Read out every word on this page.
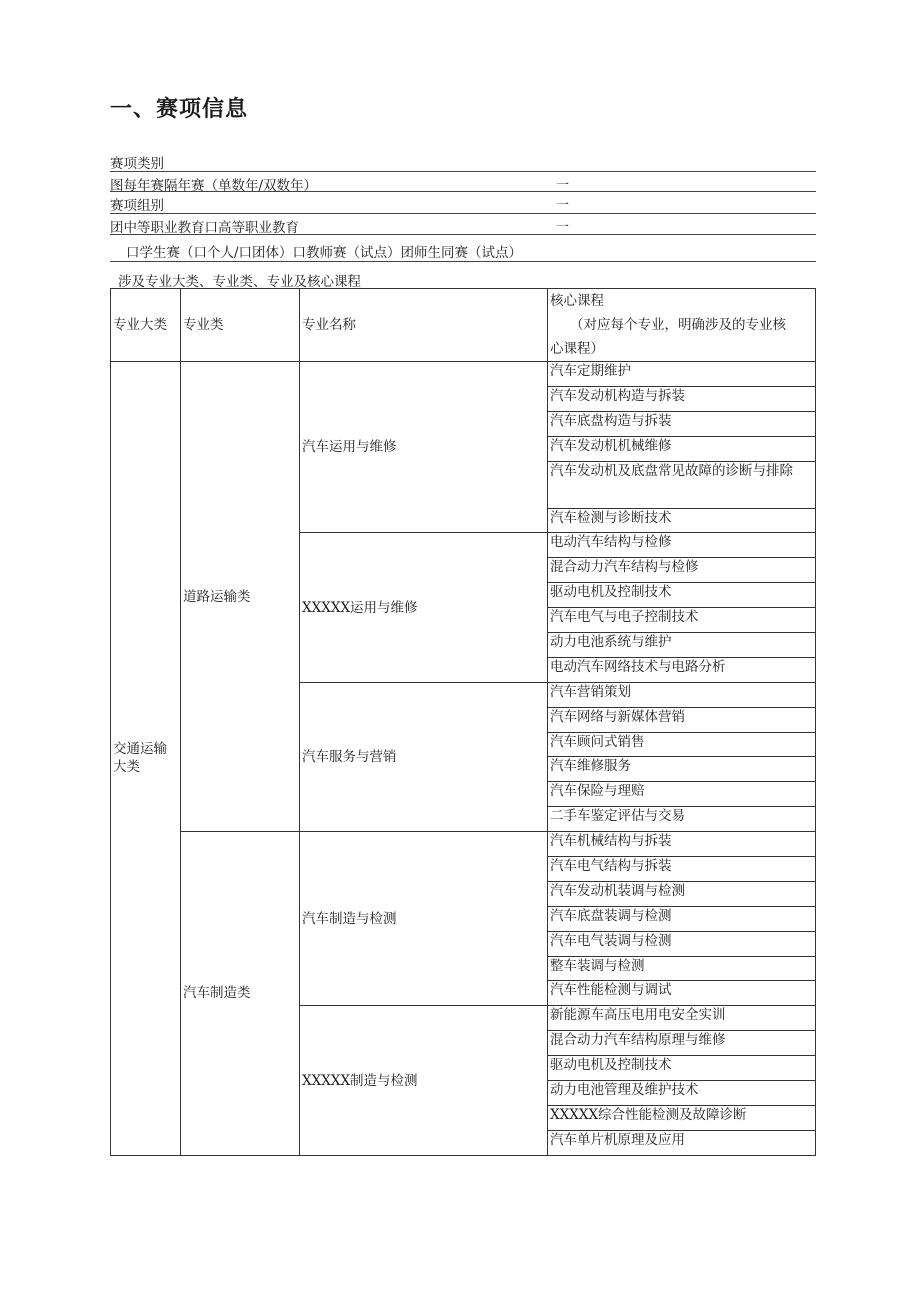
一、赛项信息
赛项类别
图每年赛隔年赛（单数年/双数年）	一
赛项组别	一
团中等职业教育口高等职业教育	一
口学生赛（口个人/口团体）口教师赛（试点）团师生同赛（试点）
涉及专业大类、专业类、专业及核心课程
专业大类	专业类	专业名称	核心课程
（对应每个专业，明确涉及的专业核
心课程）

交通运输大类	道路运输类	汽车运用与维修	汽车定期维护
			汽车发动机构造与拆装
			汽车底盘构造与拆装
			汽车发动机机械维修
			汽车发动机及底盘常见故障的诊断与排除
			汽车检测与诊断技术
		XXXXX运用与维修	电动汽车结构与检修
			混合动力汽车结构与检修
			驱动电机及控制技术
			汽车电气与电子控制技术
			动力电池系统与维护
			电动汽车网络技术与电路分析
		汽车服务与营销	汽车营销策划
			汽车网络与新媒体营销
			汽车顾问式销售
			汽车维修服务
			汽车保险与理赔
			二手车鉴定评估与交易
	汽车制造类	汽车制造与检测	汽车机械结构与拆装
			汽车电气结构与拆装
			汽车发动机装调与检测
			汽车底盘装调与检测
			汽车电气装调与检测
			整车装调与检测
			汽车性能检测与调试
		XXXXX制造与检测	新能源车高压电用电安全实训
			混合动力汽车结构原理与维修
			驱动电机及控制技术
			动力电池管理及维护技术
			XXXXX综合性能检测及故障诊断
			汽车单片机原理及应用
